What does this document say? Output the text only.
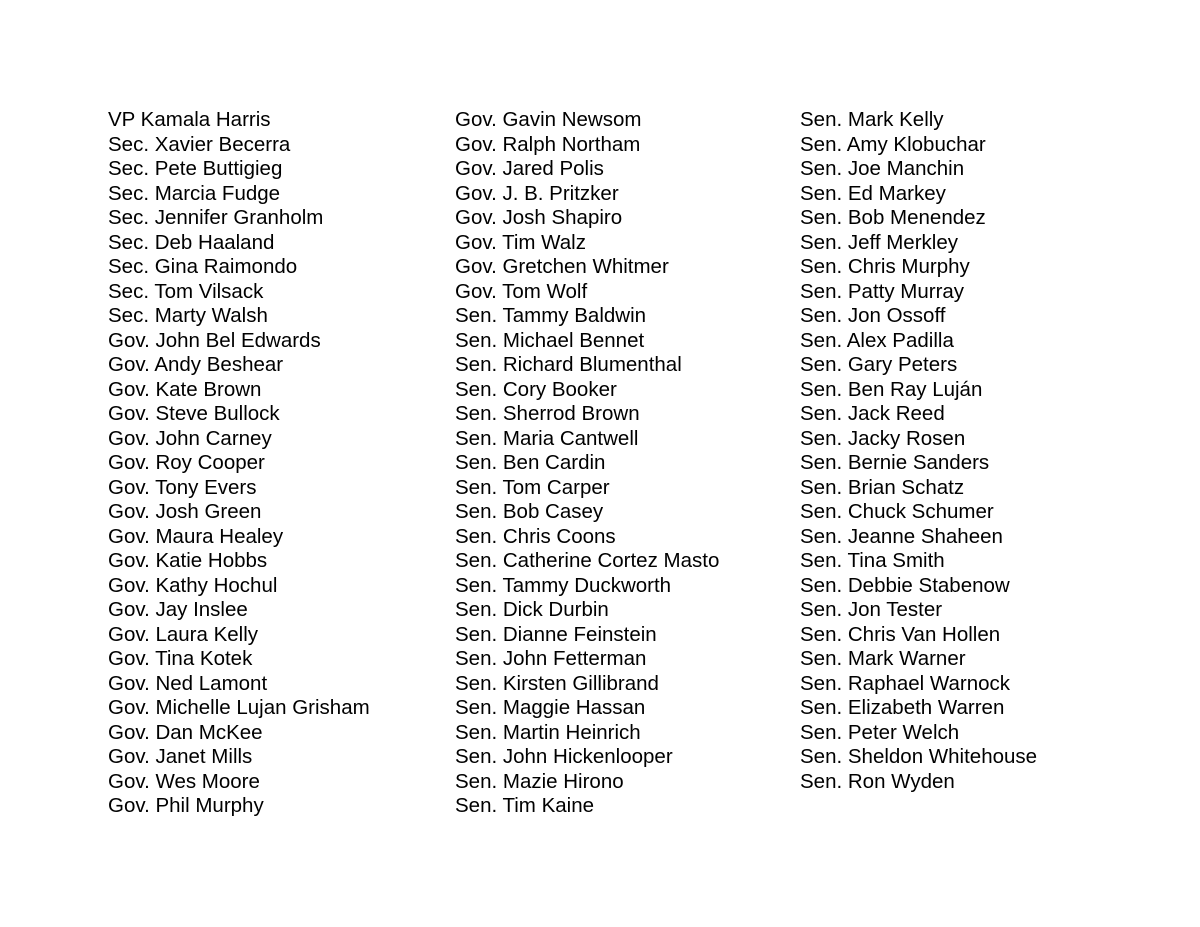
VP Kamala Harris
Sec. Xavier Becerra
Sec. Pete Buttigieg
Sec. Marcia Fudge
Sec. Jennifer Granholm
Sec. Deb Haaland
Sec. Gina Raimondo
Sec. Tom Vilsack
Sec. Marty Walsh
Gov. John Bel Edwards
Gov. Andy Beshear
Gov. Kate Brown
Gov. Steve Bullock
Gov. John Carney
Gov. Roy Cooper
Gov. Tony Evers
Gov. Josh Green
Gov. Maura Healey
Gov. Katie Hobbs
Gov. Kathy Hochul
Gov. Jay Inslee
Gov. Laura Kelly
Gov. Tina Kotek
Gov. Ned Lamont
Gov. Michelle Lujan Grisham
Gov. Dan McKee
Gov. Janet Mills
Gov. Wes Moore
Gov. Phil Murphy
Gov. Gavin Newsom
Gov. Ralph Northam
Gov. Jared Polis
Gov. J. B. Pritzker
Gov. Josh Shapiro
Gov. Tim Walz
Gov. Gretchen Whitmer
Gov. Tom Wolf
Sen. Tammy Baldwin
Sen. Michael Bennet
Sen. Richard Blumenthal
Sen. Cory Booker
Sen. Sherrod Brown
Sen. Maria Cantwell
Sen. Ben Cardin
Sen. Tom Carper
Sen. Bob Casey
Sen. Chris Coons
Sen. Catherine Cortez Masto
Sen. Tammy Duckworth
Sen. Dick Durbin
Sen. Dianne Feinstein
Sen. John Fetterman
Sen. Kirsten Gillibrand
Sen. Maggie Hassan
Sen. Martin Heinrich
Sen. John Hickenlooper
Sen. Mazie Hirono
Sen. Tim Kaine
Sen. Mark Kelly
Sen. Amy Klobuchar
Sen. Joe Manchin
Sen. Ed Markey
Sen. Bob Menendez
Sen. Jeff Merkley
Sen. Chris Murphy
Sen. Patty Murray
Sen. Jon Ossoff
Sen. Alex Padilla
Sen. Gary Peters
Sen. Ben Ray Luján
Sen. Jack Reed
Sen. Jacky Rosen
Sen. Bernie Sanders
Sen. Brian Schatz
Sen. Chuck Schumer
Sen. Jeanne Shaheen
Sen. Tina Smith
Sen. Debbie Stabenow
Sen. Jon Tester
Sen. Chris Van Hollen
Sen. Mark Warner
Sen. Raphael Warnock
Sen. Elizabeth Warren
Sen. Peter Welch
Sen. Sheldon Whitehouse
Sen. Ron Wyden
